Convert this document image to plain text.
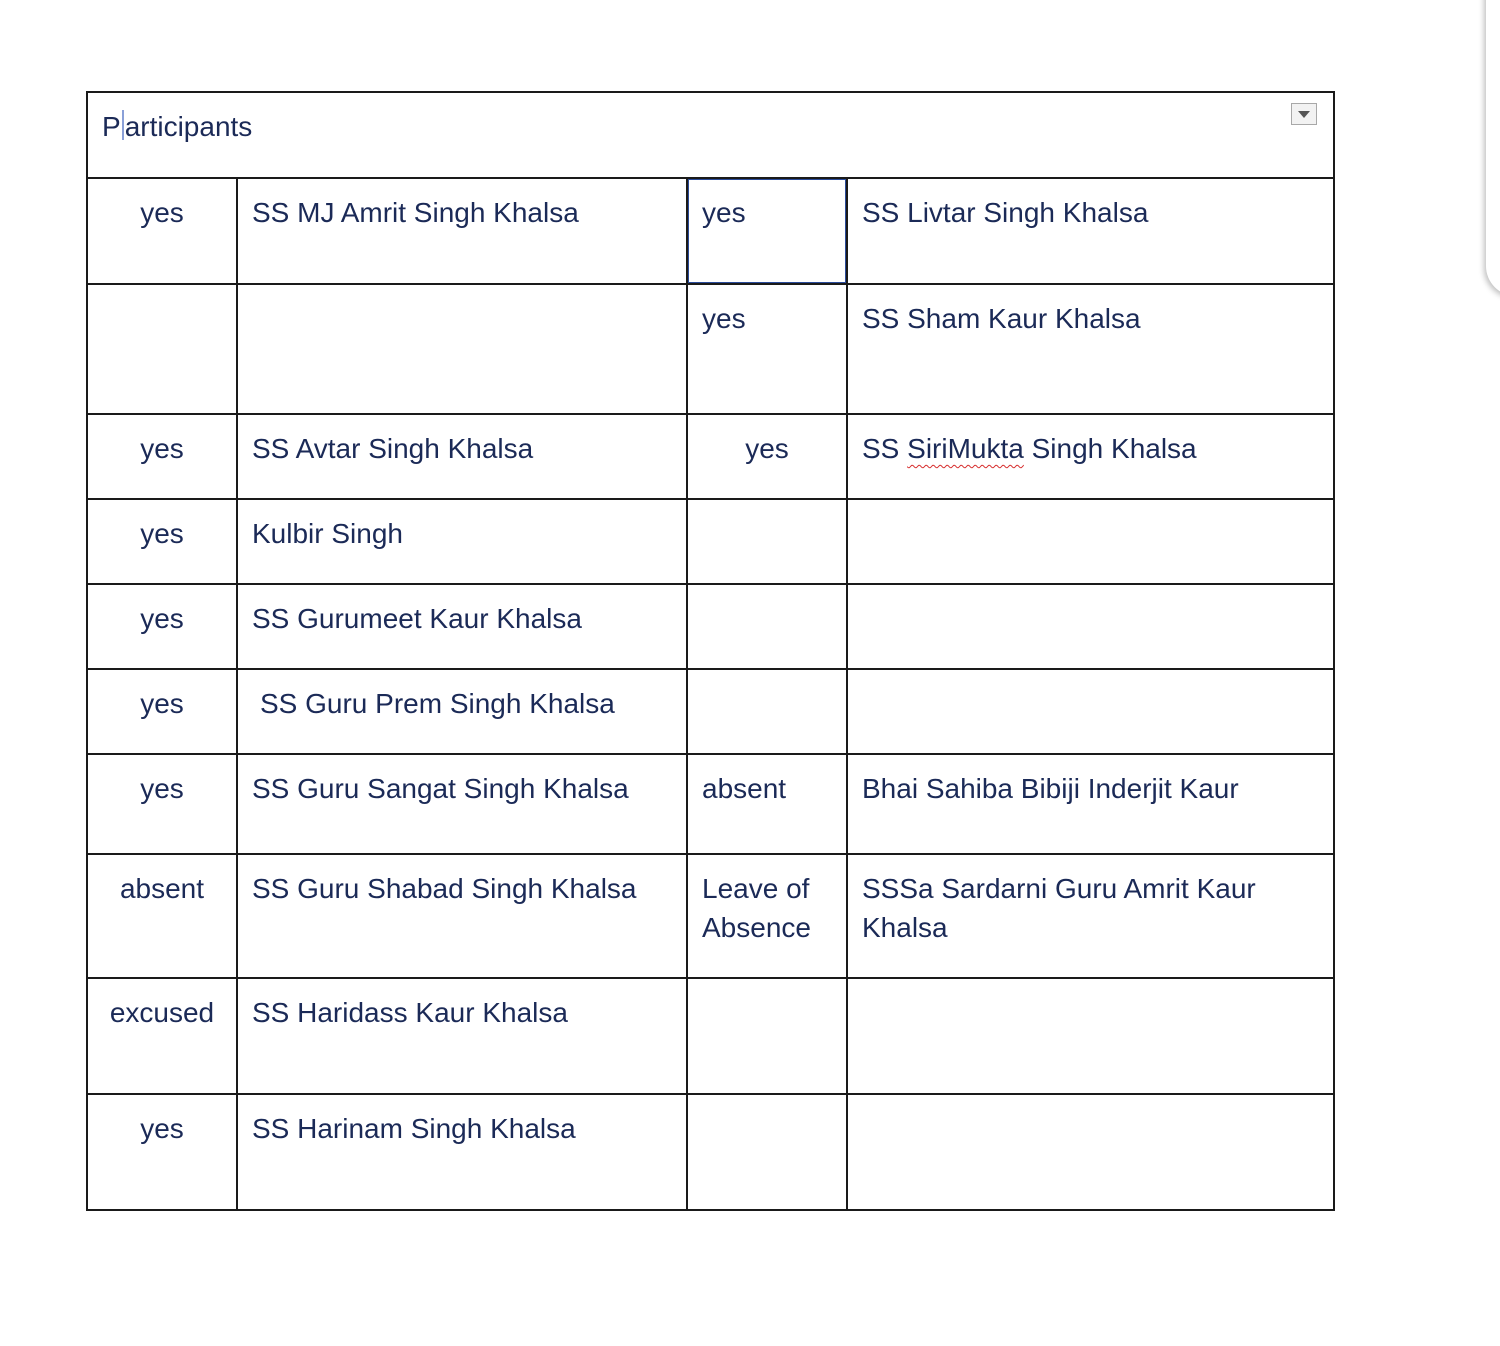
P articipants			

yes	SS MJ Amrit Singh Khalsa	yes	SS Livtar Singh Khalsa
		yes	SS Sham Kaur Khalsa
yes	SS Avtar Singh Khalsa	yes	SS SiriMukta Singh Khalsa
yes	Kulbir Singh		
yes	SS Gurumeet Kaur Khalsa		
yes	SS Guru Prem Singh Khalsa		
yes	SS Guru Sangat Singh Khalsa	absent	Bhai Sahiba Bibiji Inderjit Kaur
absent	SS Guru Shabad Singh Khalsa	Leave of Absence	SSSa Sardarni Guru Amrit Kaur Khalsa
excused	SS Haridass Kaur Khalsa		
yes	SS Harinam Singh Khalsa		
